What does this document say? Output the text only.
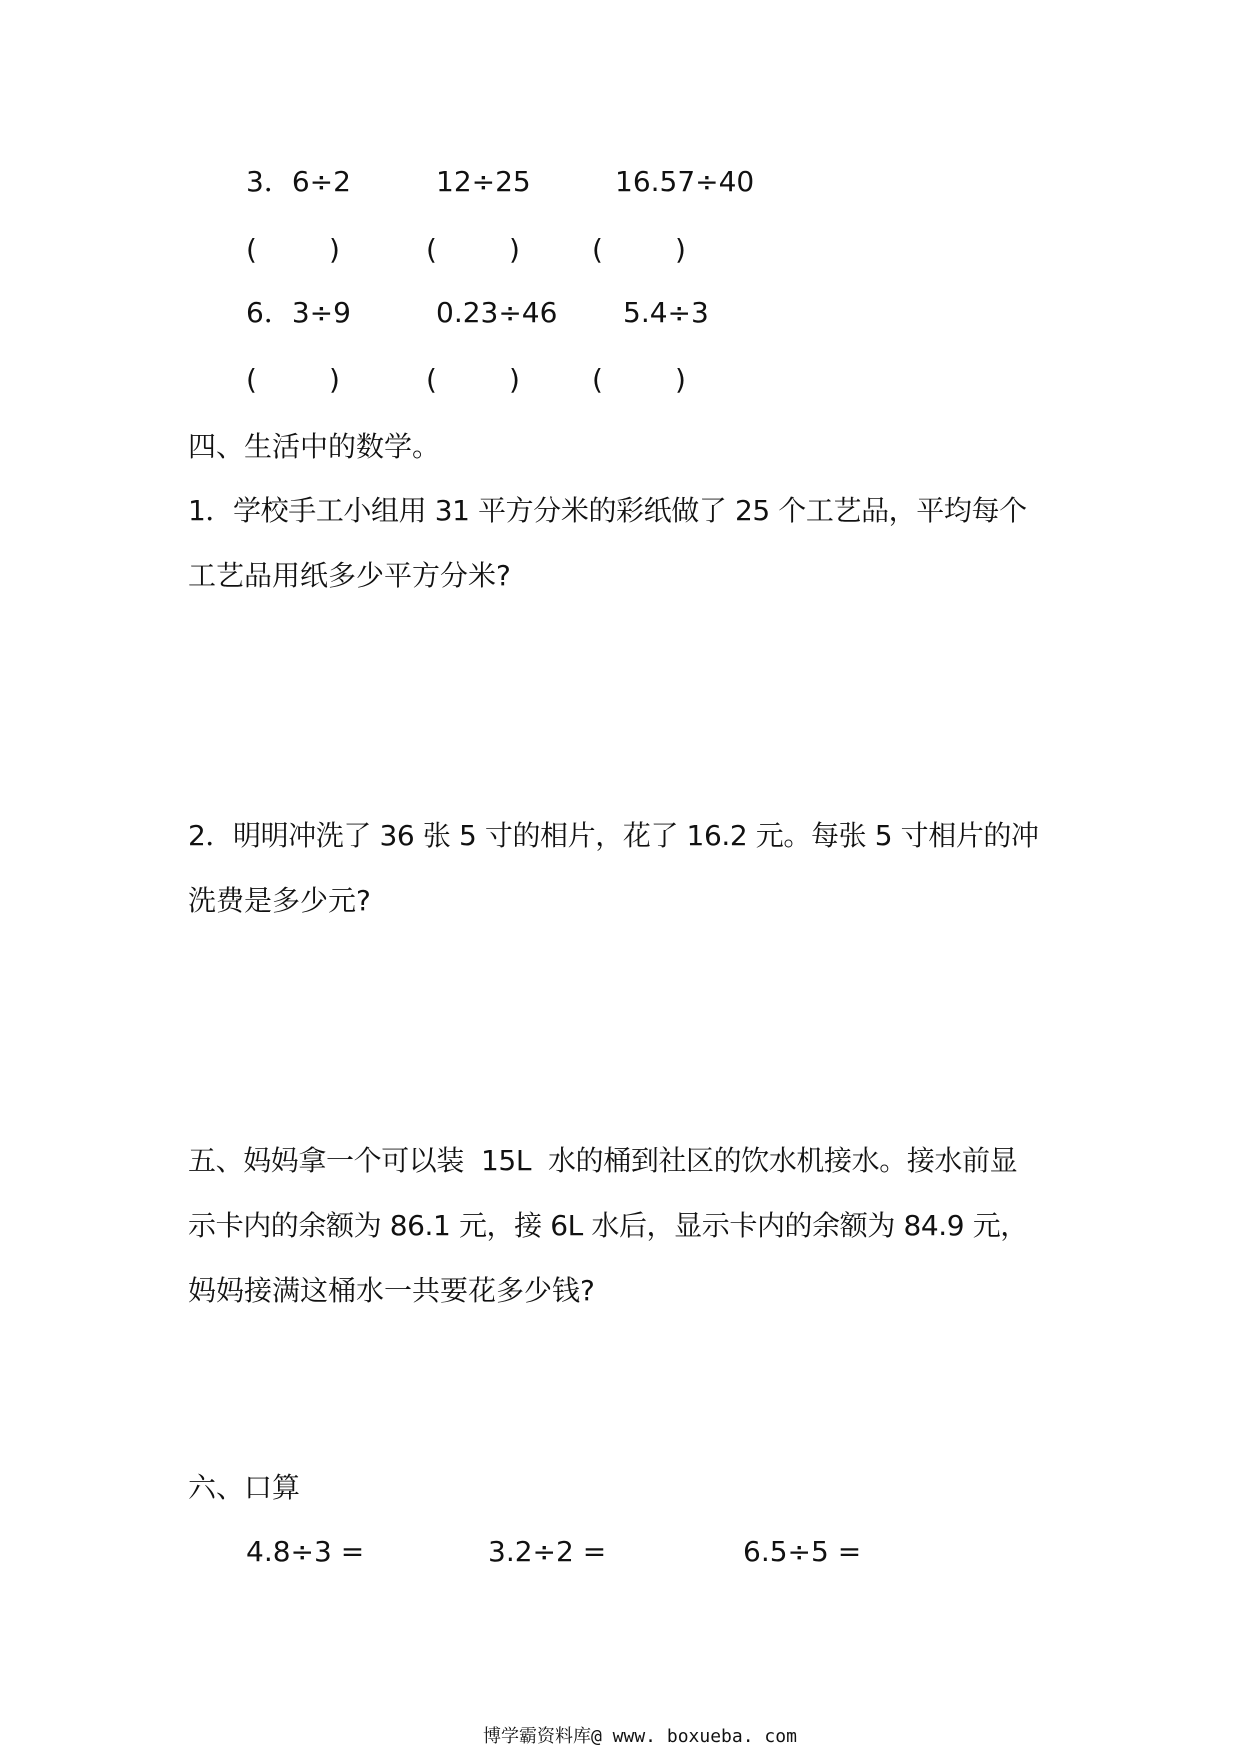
3．6÷2	12÷25	16.57÷40
(	)	(	)	(	)
6．3÷9	0.23÷46 5.4÷3
(	)	(	)	(	)
四、生活中的数学。
1．学校手工小组用 31 平方分米的彩纸做了 25 个工艺品，平均每个
工艺品用纸多少平方分米?
2．明明冲洗了 36 张 5 寸的相片，花了 16.2 元。每张 5 寸相片的冲
洗费是多少元?
五、妈妈拿一个可以装  15L  水的桶到社区的饮水机接水。接水前显
示卡内的余额为 86.1 元，接 6L 水后，显示卡内的余额为 84.9 元，
妈妈接满这桶水一共要花多少钱?
六、口算
4.8÷3 =	3.2÷2 =	6.5÷5 =
博学霸资料库@ www. boxueba. com
